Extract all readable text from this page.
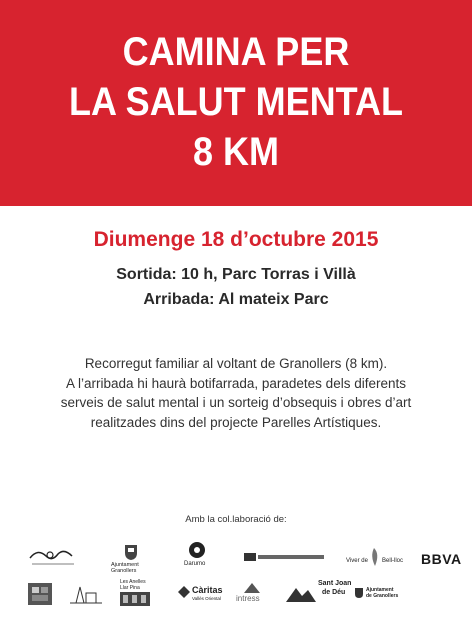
CAMINA PER
LA SALUT MENTAL
8 KM
Diumenge 18 d’octubre 2015
Sortida: 10 h, Parc Torras i Villà
Arribada: Al mateix Parc
Recorregut familiar al voltant de Granollers (8 km).
A l’arribada hi haurà botifarrada, paradetes dels diferents
serveis de salut mental i un sorteig d’obsequis i obres d’art
realitzades dins del projecte Parelles Artístiques.
Amb la col.laboració de:
Ajuntament
Granollers
Darumo	Viver de Bell-lloc BBVA
Les Anelles
Llar Pina	Càritas
Vallès Oriental intress
Sant Joan
de Déu	Ajuntament
de Granollers
